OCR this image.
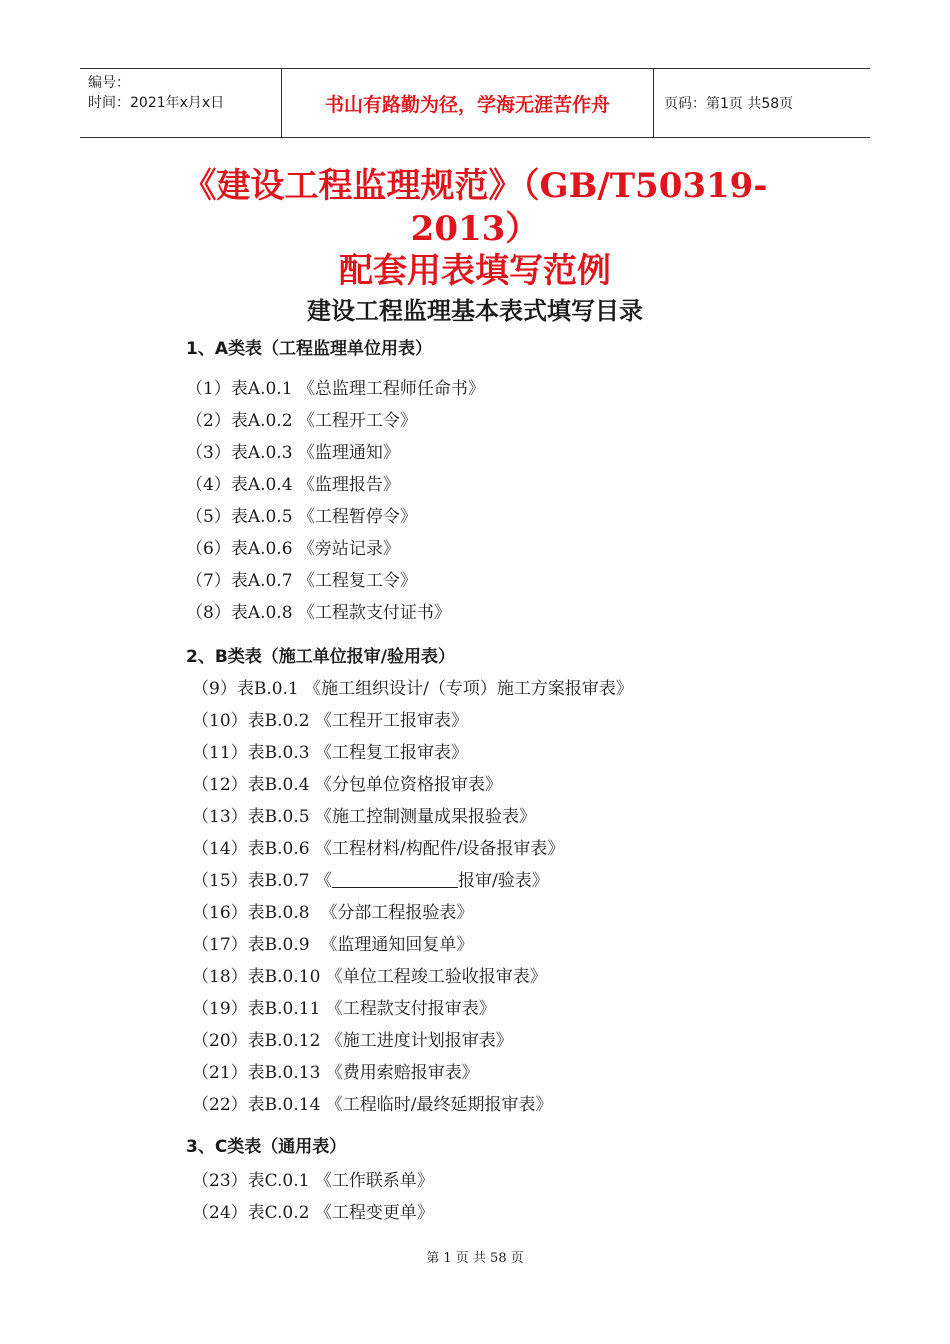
编号：
时间：2021年x月x日	书山有路勤为径，学海无涯苦作舟	页码：第1页 共58页
《建设工程监理规范》（GB/T50319-
2013）
配套用表填写范例
建设工程监理基本表式填写目录
1、A类表（工程监理单位用表）
（1）表A.0.1 《总监理工程师任命书》
（2）表A.0.2 《工程开工令》
（3）表A.0.3 《监理通知》
（4）表A.0.4 《监理报告》
（5）表A.0.5 《工程暂停令》
（6）表A.0.6 《旁站记录》
（7）表A.0.7 《工程复工令》
（8）表A.0.8 《工程款支付证书》
2、B类表（施工单位报审/验用表）
（9）表B.0.1 《施工组织设计/（专项）施工方案报审表》
（10）表B.0.2 《工程开工报审表》
（11）表B.0.3 《工程复工报审表》
（12）表B.0.4 《分包单位资格报审表》
（13）表B.0.5 《施工控制测量成果报验表》
（14）表B.0.6 《工程材料/构配件/设备报审表》
（15）表B.0.7 《	报审/验表》
（16）表B.0.8  《分部工程报验表》
（17）表B.0.9  《监理通知回复单》
（18）表B.0.10 《单位工程竣工验收报审表》
（19）表B.0.11 《工程款支付报审表》
（20）表B.0.12 《施工进度计划报审表》
（21）表B.0.13 《费用索赔报审表》
（22）表B.0.14 《工程临时/最终延期报审表》
3、C类表（通用表）
（23）表C.0.1 《工作联系单》
（24）表C.0.2 《工程变更单》
第 1 页 共 58 页
